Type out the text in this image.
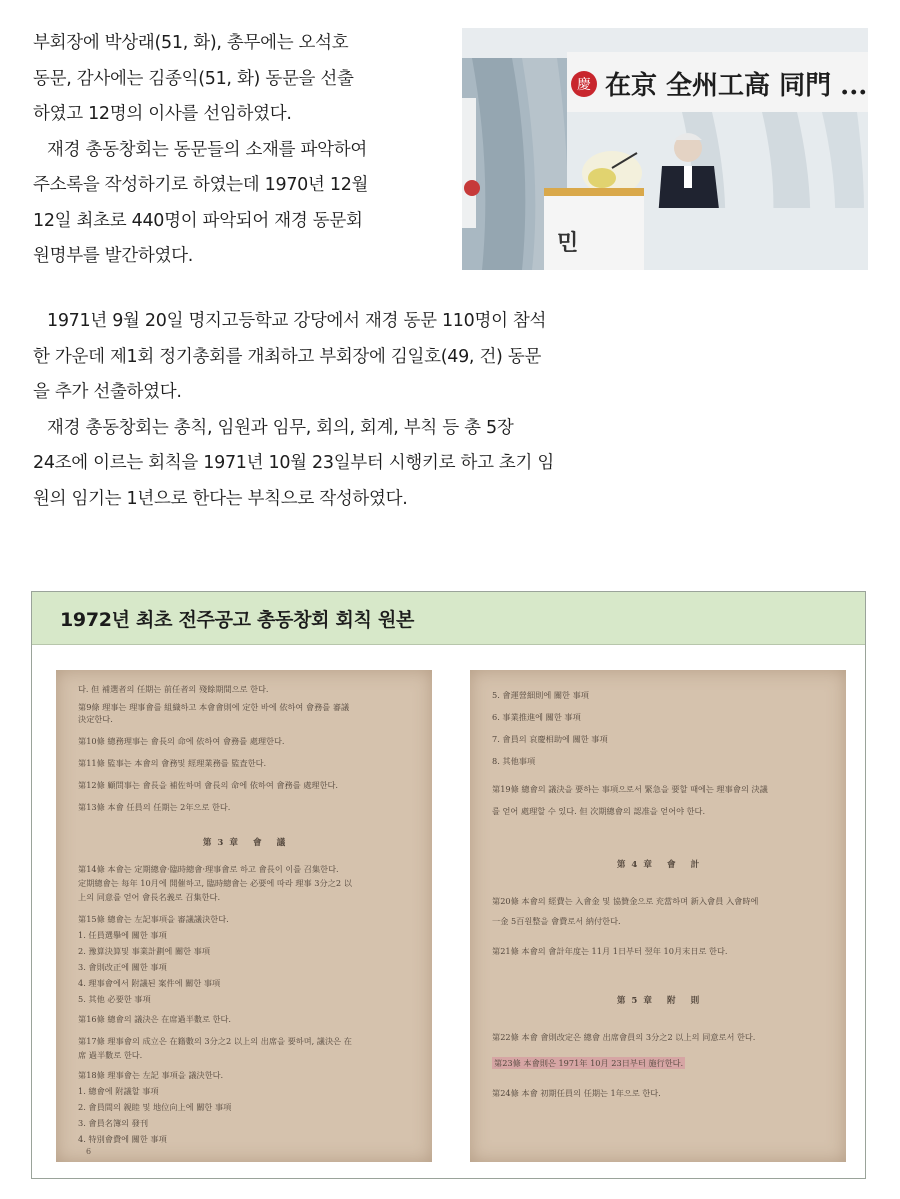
부회장에 박상래(51, 화), 총무에는 오석호
동문, 감사에는 김종익(51, 화) 동문을 선출
하였고 12명의 이사를 선임하였다.
재경 총동창회는 동문들의 소재를 파악하여
주소록을 작성하기로 하였는데 1970년 12월
12일 최초로 440명이 파악되어 재경 동문회
원명부를 발간하였다.
慶 在京 全州工高 同門 ...
민
1971년 9월 20일 명지고등학교 강당에서 재경 동문 110명이 참석
한 가운데 제1회 정기총회를 개최하고 부회장에 김일호(49, 건) 동문
을 추가 선출하였다.
재경 총동창회는 총칙, 임원과 임무, 회의, 회계, 부칙 등 총 5장
24조에 이르는 회칙을 1971년 10월 23일부터 시행키로 하고 초기 임
원의 임기는 1년으로 한다는 부칙으로 작성하였다.
1972년 최초 전주공고 총동창회 회칙 원본
다. 但 補選者의 任期는 前任者의 殘餘期間으로 한다.
第9條 理事는 理事會를 組織하고 本會會則에 定한 바에 依하여 會務를 審議
決定한다.
第10條 總務理事는 會長의 命에 依하여 會務를 處理한다.
第11條 監事는 本會의 會務및 經理業務를 監査한다.
第12條 顧問事는 會長을 補佐하며 會長의 命에 依하여 會務를 處理한다.
第13條 本會 任員의 任期는 2年으로 한다.
第3章 會 議
第14條 本會는 定期總會·臨時總會·理事會로 하고 會長이 이를 召集한다.
定期總會는 每年 10月에 開催하고, 臨時總會는 必要에 따라 理事 3分之2 以
上의 同意를 얻어 會長名義로 召集한다.
第15條 總會는 左記事項을 審議議決한다.
1. 任員選擧에 關한 事項
2. 豫算決算및 事業計劃에 關한 事項
3. 會則改正에 關한 事項
4. 理事會에서 附議된 案件에 關한 事項
5. 其他 必要한 事項
第16條 總會의 議決은 在席過半數로 한다.
第17條 理事會의 成立은 在籍數의 3分之2 以上의 出席을 要하며, 議決은 在
席 過半數로 한다.
第18條 理事會는 左記 事項을 議決한다.
1. 總會에 附議할 事項
2. 會員間의 親睦 및 地位向上에 關한 事項
3. 會員名簿의 發刊
4. 特別會費에 關한 事項
6
5. 會運營細則에 關한 事項
6. 事業推進에 關한 事項
7. 會員의 哀慶相助에 關한 事項
8. 其他事項
第19條 總會의 議決을 要하는 事項으로서 緊急을 要할 때에는 理事會의 決議
를 얻어 處理할 수 있다. 但 次期總會의 認准을 얻어야 한다.
第4章 會 計
第20條 本會의 經費는 入會金 및 協贊金으로 充當하며 新入會員 入會時에
一金 5百원整을 會費로서 納付한다.
第21條 本會의 會計年度는 11月 1日부터 翌年 10月末日로 한다.
第5章 附 則
第22條 本會 會則改定은 總會 出席會員의 3分之2 以上의 同意로서 한다.
第23條 本會則은 1971年 10月 23日부터 施行한다.
第24條 本會 初期任員의 任期는 1年으로 한다.
